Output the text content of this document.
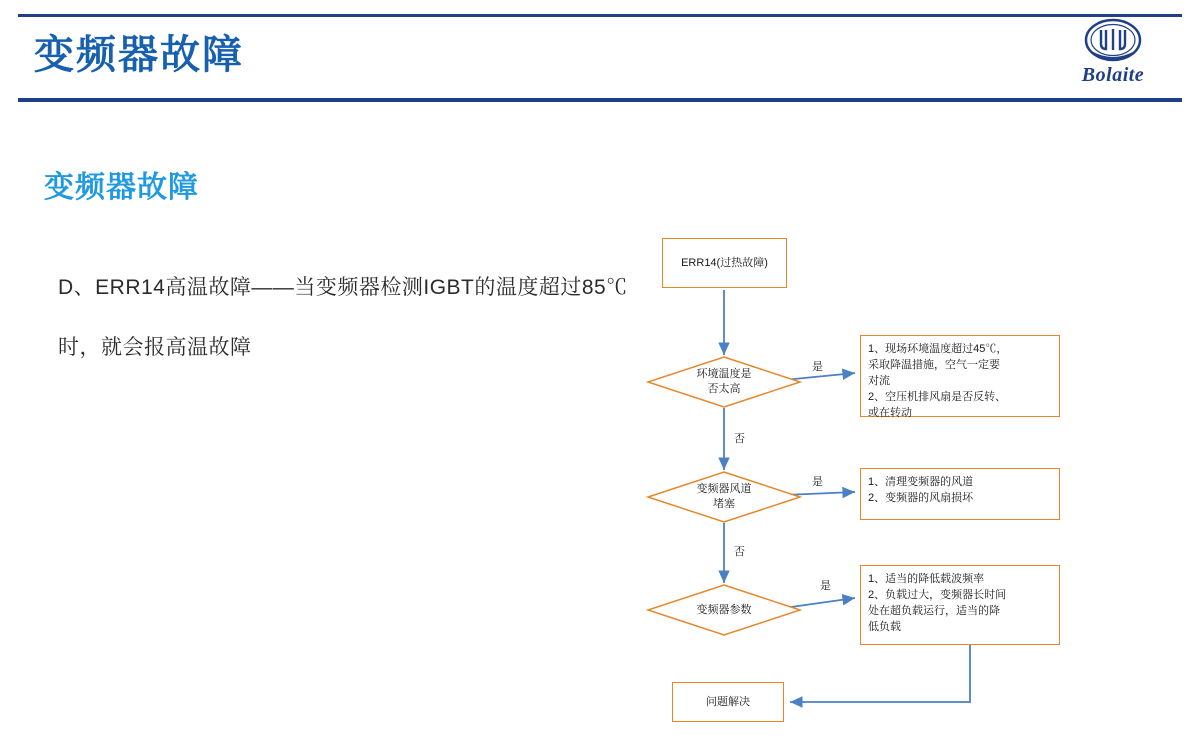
变频器故障	Bolaite
变频器故障
D、ERR14高温故障——当变频器检测IGBT的温度超过85℃时，就会报高温故障
ERR14(过热故障)
环境温度是
否太高
1、现场环境温度超过45℃，
采取降温措施，空气一定要
对流
2、空压机排风扇是否反转、
或在转动
变频器风道
堵塞
1、清理变频器的风道
2、变频器的风扇损坏
变频器参数
1、适当的降低载波频率
2、负载过大，变频器长时间
处在超负载运行，适当的降
低负载
问题解决
是
否
是
否
是
